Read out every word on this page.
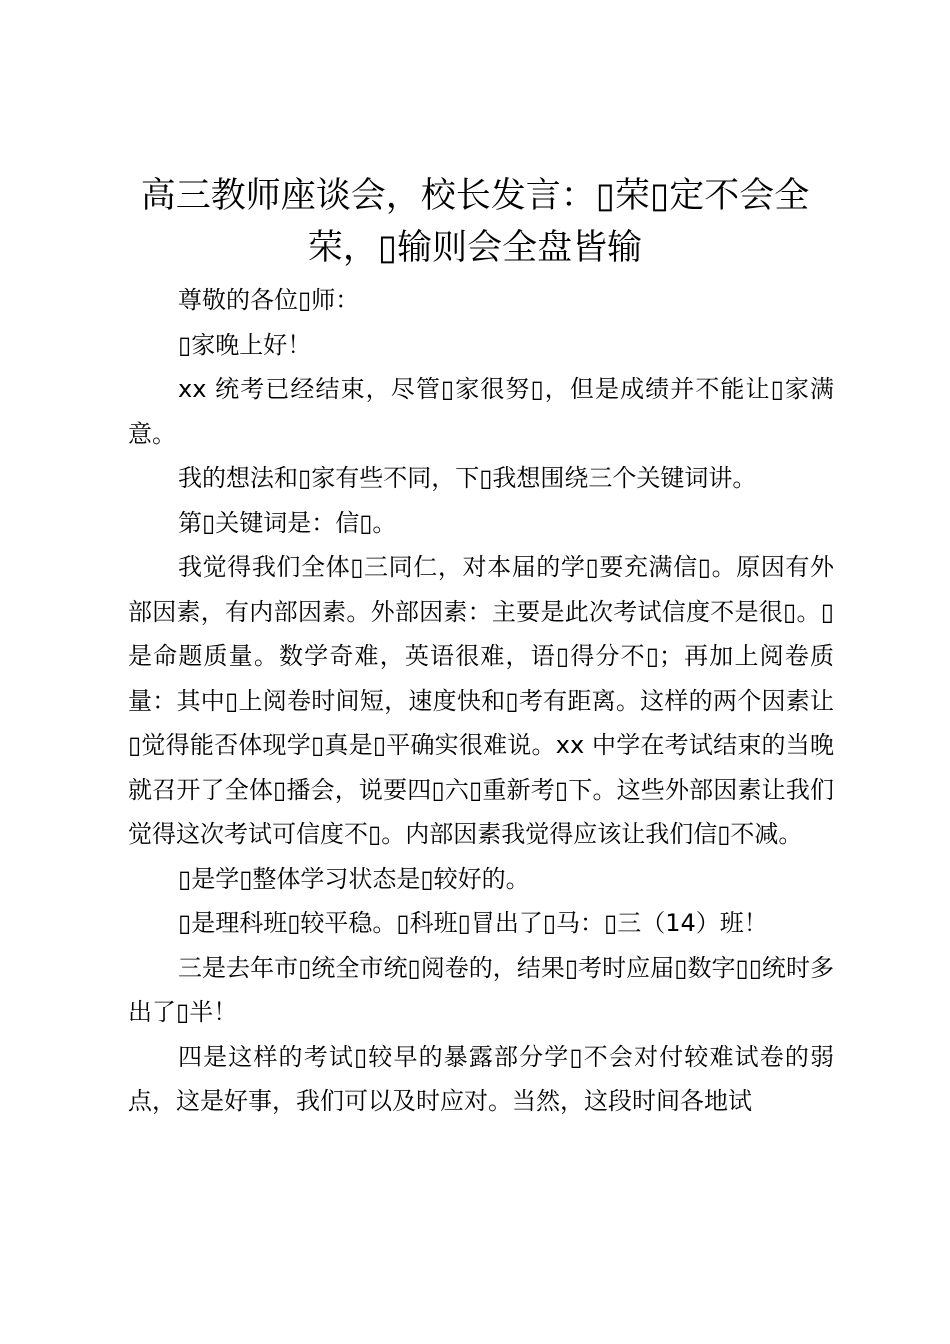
高三教师座谈会，校长发言：▯荣▯定不会全荣，▯输则会全盘皆输

尊敬的各位▯师：

▯家晚上好！

xx 统考已经结束，尽管▯家很努▯，但是成绩并不能让▯家满意。

我的想法和▯家有些不同，下▯我想围绕三个关键词讲。

第▯关键词是：信▯。

我觉得我们全体▯三同仁，对本届的学▯要充满信▯。原因有外部因素，有内部因素。外部因素：主要是此次考试信度不是很▯。▯是命题质量。数学奇难，英语很难，语▯得分不▯；再加上阅卷质量：其中▯上阅卷时间短，速度快和▯考有距离。这样的两个因素让▯觉得能否体现学▯真是▯平确实很难说。xx 中学在考试结束的当晚就召开了全体▯播会，说要四▯六▯重新考▯下。这些外部因素让我们觉得这次考试可信度不▯。内部因素我觉得应该让我们信▯不减。

▯是学▯整体学习状态是▯较好的。

▯是理科班▯较平稳。▯科班▯冒出了▯马：▯三（14）班！

三是去年市▯统全市统▯阅卷的，结果▯考时应届▯数字▯▯统时多出了▯半！

四是这样的考试▯较早的暴露部分学▯不会对付较难试卷的弱点，这是好事，我们可以及时应对。当然，这段时间各地试
